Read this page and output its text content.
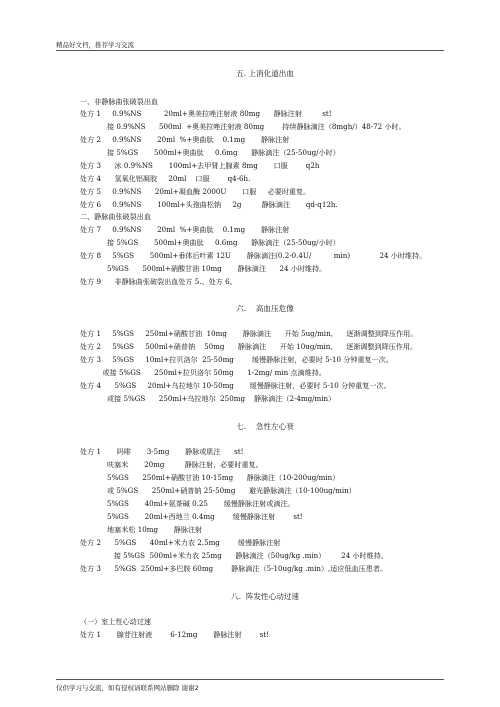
精品好文档，推荐学习交流

五. 上消化道出血

一、非静脉曲张破裂出血

处方 1     0.9%NS          20ml+奥美拉唑注射液 80mg      静脉注射         st!

接 0.9%NS      500ml  +奥美拉唑注射液 80mg        持续静脉滴注（8mgh/）48-72 小时。

处方 2     0.9%NS       20ml  %+奥曲肽    0.1mg       静脉注射

接 5%GS       500ml+奥曲肽     0.6mg      静脉滴注（25-50ug/小时）

处方 3      冰 0.9%NS       100ml+去甲肾上腺素 8mg       口服        q2h

处方 4      氢氧化铝凝胶     20ml    口服        q4-6h.

处方 5     0.9%NS      20ml+凝血酶 2000U       口服     必要时重复。

处方 6     0.9%NS       100ml+头孢曲松钠     2g         静脉滴注       qd-q12h.

二、静脉曲张破裂出血

处方 7     0.9%NS       20ml  %+奥曲肽    0.1mg       静脉注射

接 5%GS       500ml+奥曲肽     0.6mg      静脉滴注（25-50ug/小时）

处方 8     5%GS       500ml+垂体后叶素 12U       静脉滴注(0.2-0.4U/          min)             24 小时维持。

5%GS      500ml+硝酸甘油 10mg       静脉滴注      24 小时维持。

处方 9      非静脉曲张破裂出血处方 5.、处方 6。

六.    高血压危像

处方 1     5%GS     250ml+硝酸甘油  10mg       静脉滴注      开始 5ug/min,      逐渐调整到降压作用。

处方 2     5%GS     500ml+硝普钠    50mg      静脉滴注      开始 10ug/min,      逐渐调整到降压作用。

处方 3     5%GS     10ml+拉贝洛尔  25-50mg        缓慢静脉注射，必要时 5-10 分钟重复一次。

或接 5%GS      250ml+拉贝洛尔 50mg      1-2mg/ min 点滴维持。

处方 4      5%GS     20ml+乌拉地尔 10-50mg       缓慢静脉注射，必要时 5-10 分钟重复一次。

或接 5%GS      250ml+乌拉地尔  250mg    静脉滴注（2-4mg/min）

七.    急性左心衰

处方 1       吗啡       3-5mg       静脉或肌注      st!

呋塞米       20mg         静脉注射，必要时重复。

5%GS      250ml+硝酸甘油 10-15mg      静脉滴注（10-200ug/min）

或 5%GS      250ml+硝普钠 25-50mg      避光静脉滴注（10-100ug/min）

5%GS       40ml+氨茶碱 0.25       缓慢静脉注射或滴注。

5%GS       20ml+西地兰 0.4mg        缓慢静脉注射        st!

地塞米松 10mg       静脉注射

处方 2      5%GS      40ml+米力农 2.5mg        缓慢静脉注射

接 5%GS  500ml+米力农 25mg      静脉滴注（50ug/kg .min）       24 小时维持。

处方 3      5%GS  250ml+多巴胺 60mg        静脉滴注（5-10ug/kg .min）,适应低血压患者。

八.  阵发性心动过速

（一）室上性心动过速

处方 1       腺苷注射液        6-12mg       静脉注射        st!

仅供学习与交流，如有侵权请联系网站删除 谢谢2
